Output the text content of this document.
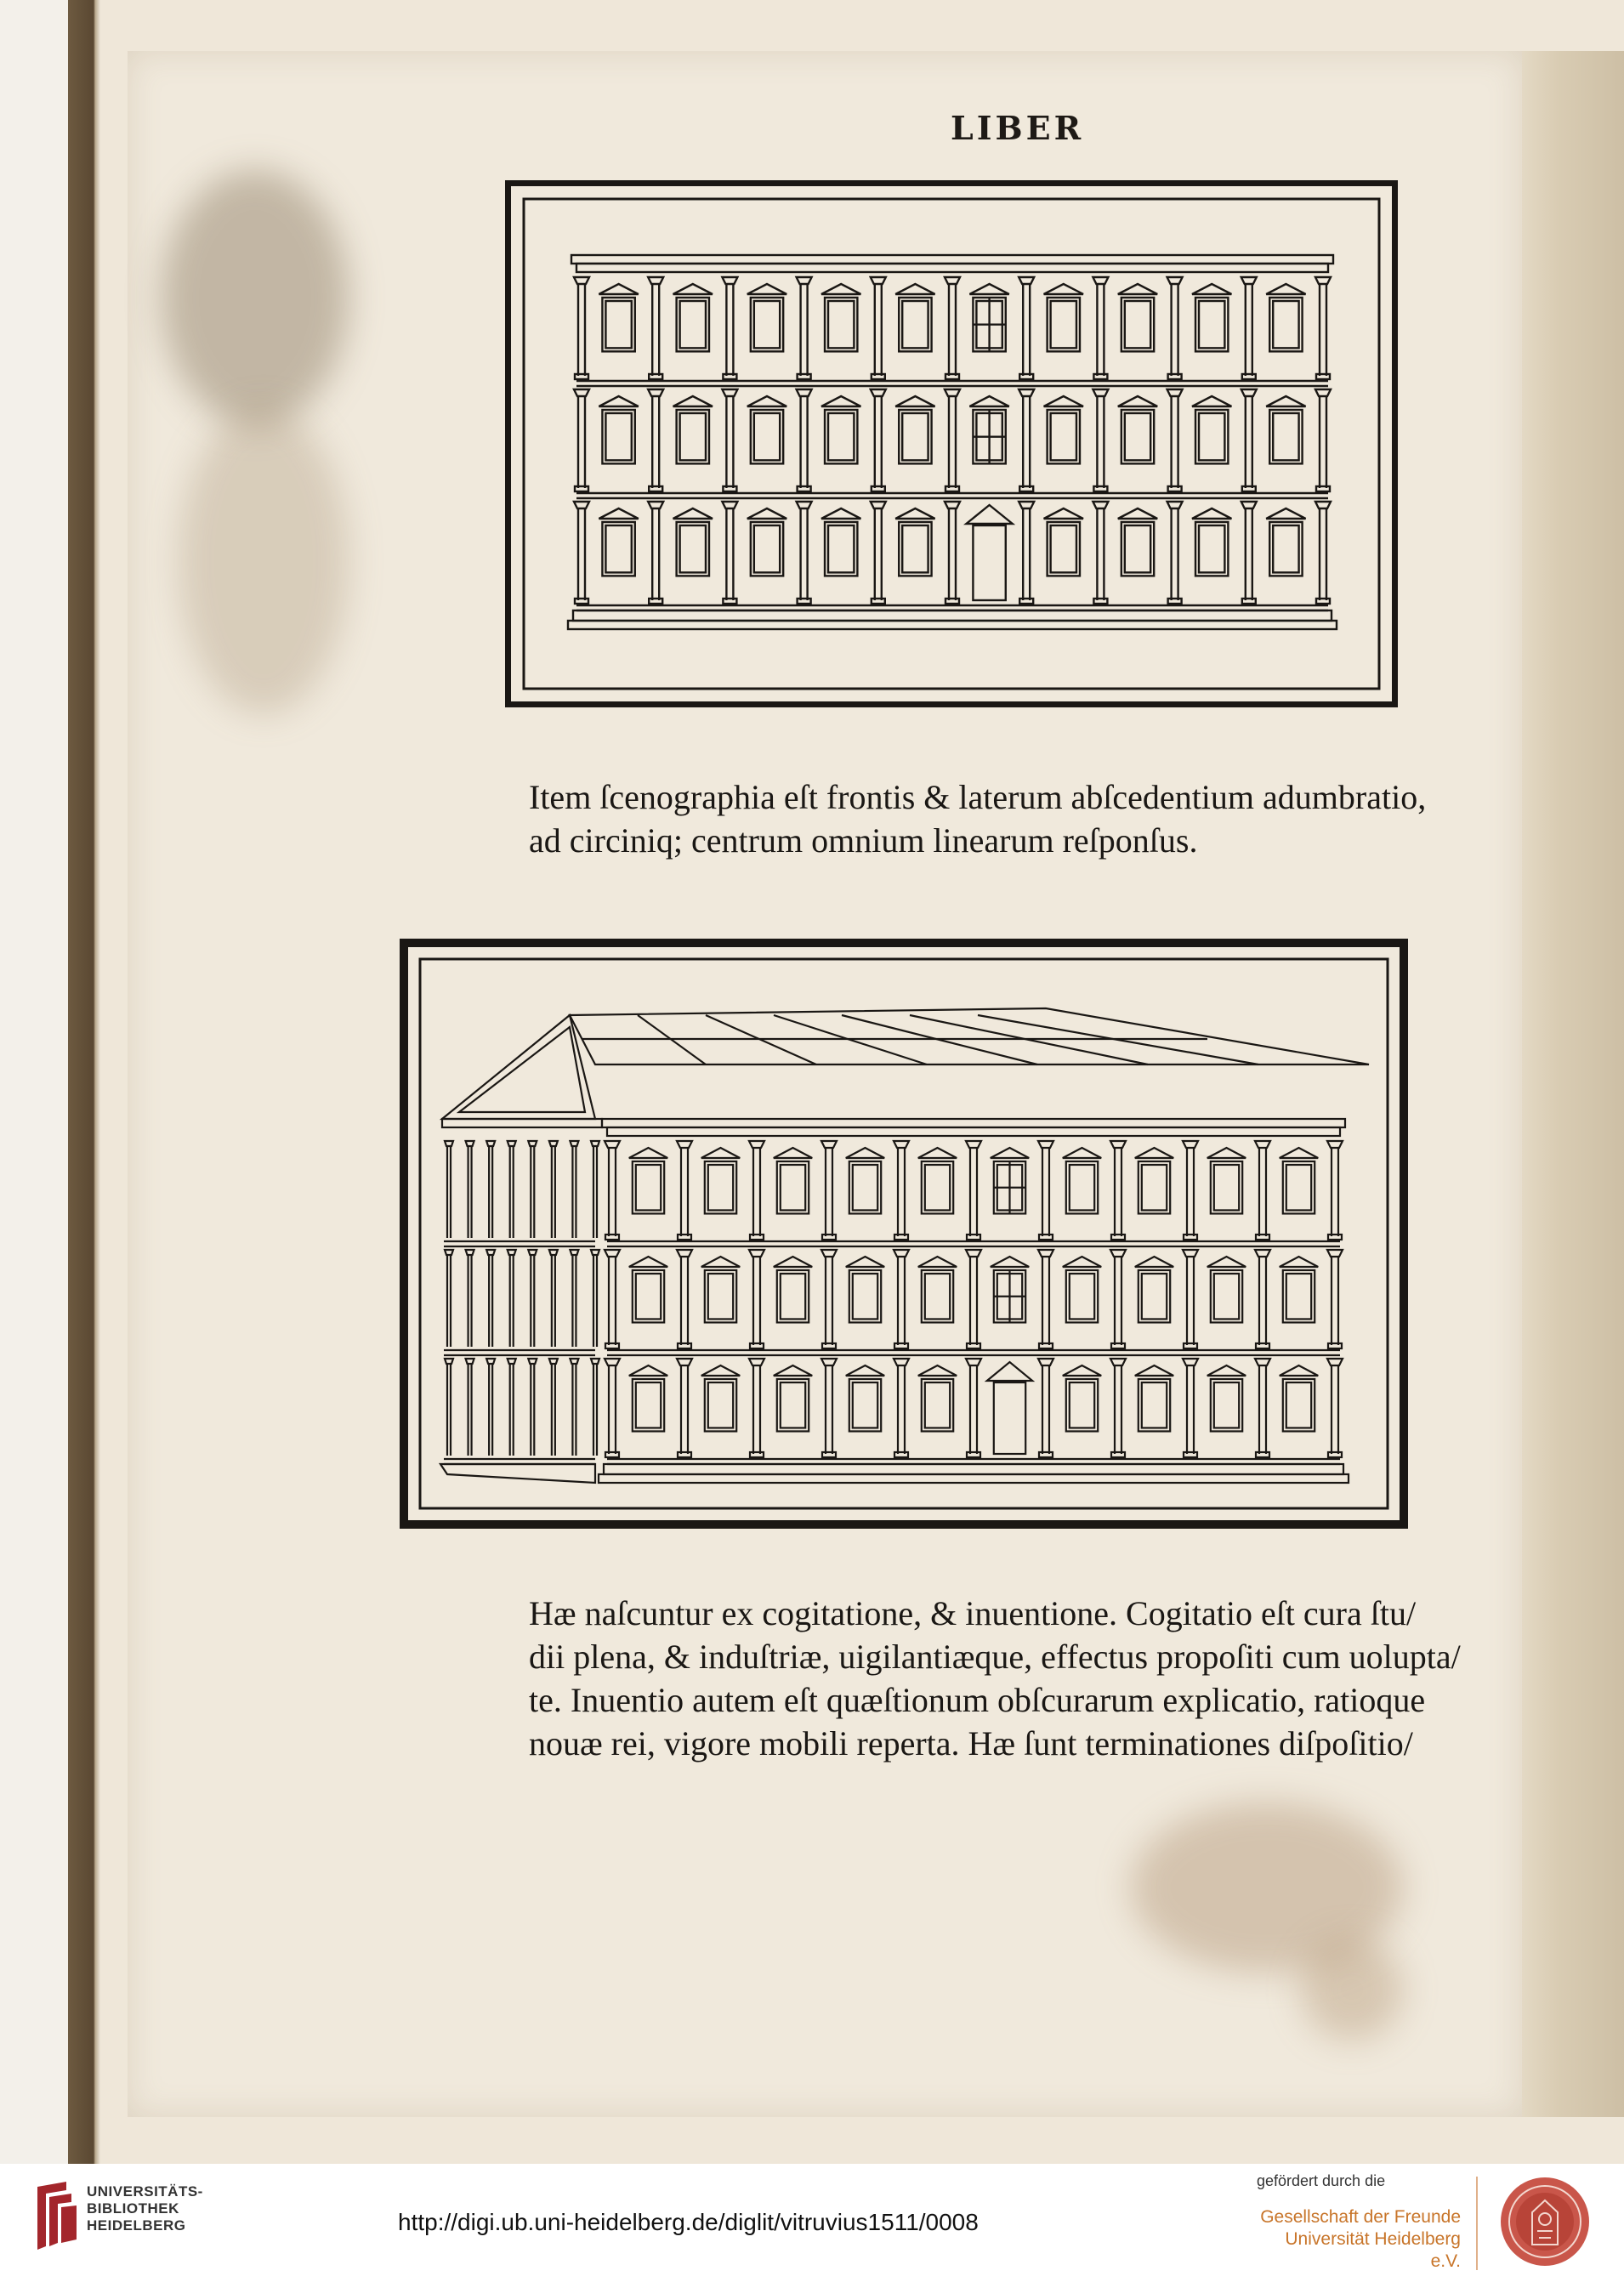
LIBER
Item ſcenographia eſt frontis & laterum abſcedentium adumbratio,
ad circiniq; centrum omnium linearum reſponſus.
Hæ naſcuntur ex cogitatione, & inuentione. Cogitatio eſt cura ſtu/
dii plena, & induſtriæ, uigilantiæque, effectus propoſiti cum uolupta/
te. Inuentio autem eſt quæſtionum obſcurarum explicatio, ratioque
nouæ rei, vigore mobili reperta. Hæ ſunt terminationes diſpoſitio/
UNIVERSITÄTS-
BIBLIOTHEK
HEIDELBERG	http://digi.ub.uni-heidelberg.de/diglit/vitruvius1511/0008
gefördert durch die
Gesellschaft der Freunde
Universität Heidelberg e.V.
